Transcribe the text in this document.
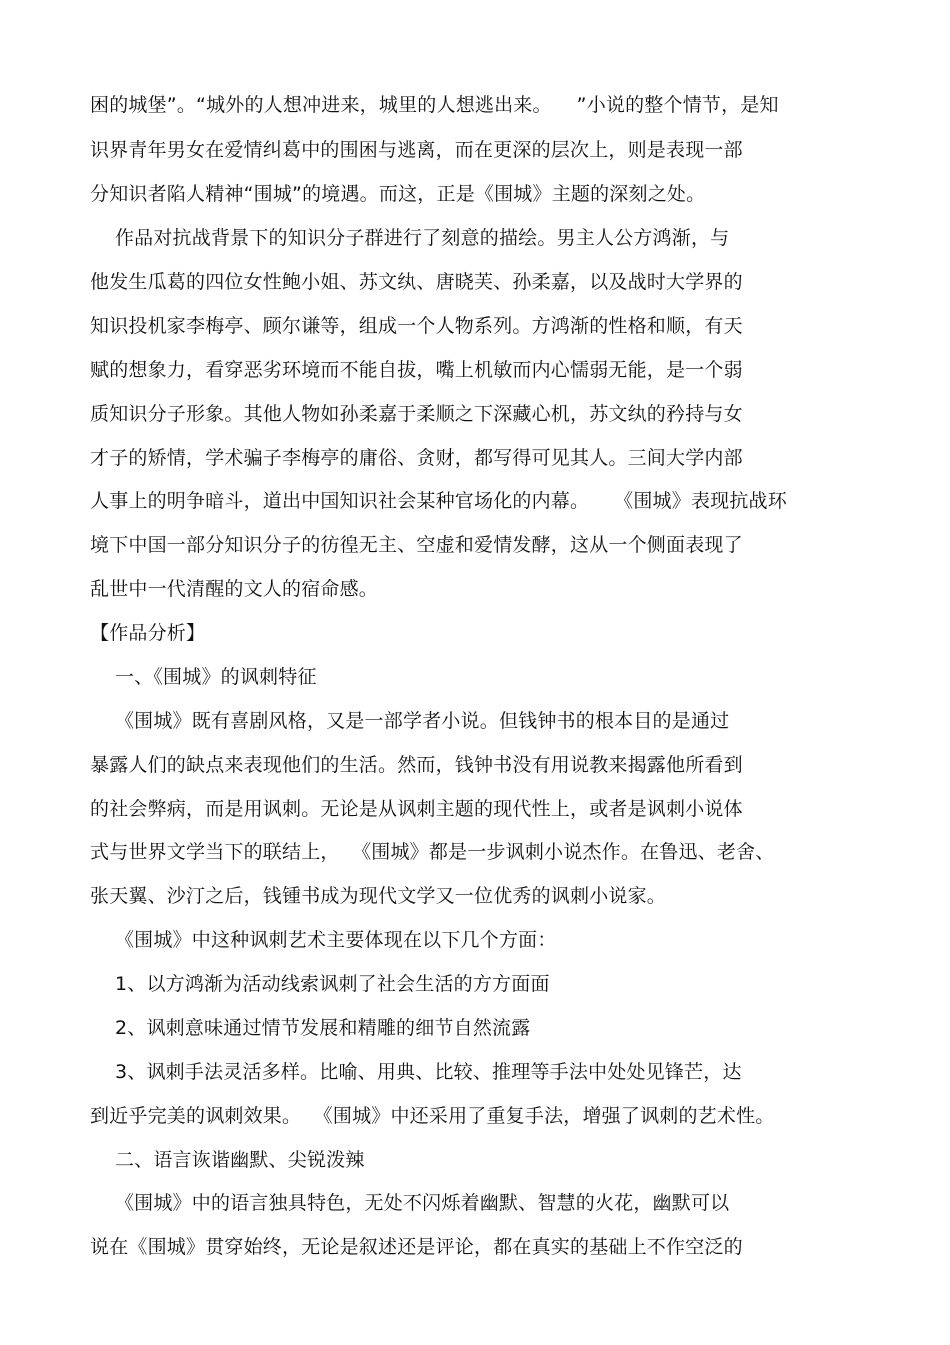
困的城堡”。“城外的人想冲进来，城里的人想逃出来。    ”小说的整个情节，是知
识界青年男女在爱情纠葛中的围困与逃离，而在更深的层次上，则是表现一部
分知识者陷人精神“围城”的境遇。而这，正是《围城》主题的深刻之处。
作品对抗战背景下的知识分子群进行了刻意的描绘。男主人公方鸿渐，与
他发生瓜葛的四位女性鲍小姐、苏文纨、唐晓芙、孙柔嘉，以及战时大学界的
知识投机家李梅亭、顾尔谦等，组成一个人物系列。方鸿渐的性格和顺，有天
赋的想象力，看穿恶劣环境而不能自拔，嘴上机敏而内心懦弱无能，是一个弱
质知识分子形象。其他人物如孙柔嘉于柔顺之下深藏心机，苏文纨的矜持与女
才子的矫情，学术骗子李梅亭的庸俗、贪财，都写得可见其人。三间大学内部
人事上的明争暗斗，道出中国知识社会某种官场化的内幕。    《围城》表现抗战环
境下中国一部分知识分子的彷徨无主、空虚和爱情发酵，这从一个侧面表现了
乱世中一代清醒的文人的宿命感。
【作品分析】
一、《围城》的讽刺特征
《围城》既有喜剧风格，又是一部学者小说。但钱钟书的根本目的是通过
暴露人们的缺点来表现他们的生活。然而，钱钟书没有用说教来揭露他所看到
的社会弊病，而是用讽刺。无论是从讽刺主题的现代性上，或者是讽刺小说体
式与世界文学当下的联结上，  《围城》都是一步讽刺小说杰作。在鲁迅、老舍、
张天翼、沙汀之后，钱锺书成为现代文学又一位优秀的讽刺小说家。
《围城》中这种讽刺艺术主要体现在以下几个方面：
1、以方鸿渐为活动线索讽刺了社会生活的方方面面
2、讽刺意味通过情节发展和精雕的细节自然流露
3、讽刺手法灵活多样。比喻、用典、比较、推理等手法中处处见锋芒，达
到近乎完美的讽刺效果。  《围城》中还采用了重复手法，增强了讽刺的艺术性。
二、语言诙谐幽默、尖锐泼辣
《围城》中的语言独具特色，无处不闪烁着幽默、智慧的火花，幽默可以
说在《围城》贯穿始终，无论是叙述还是评论，都在真实的基础上不作空泛的
